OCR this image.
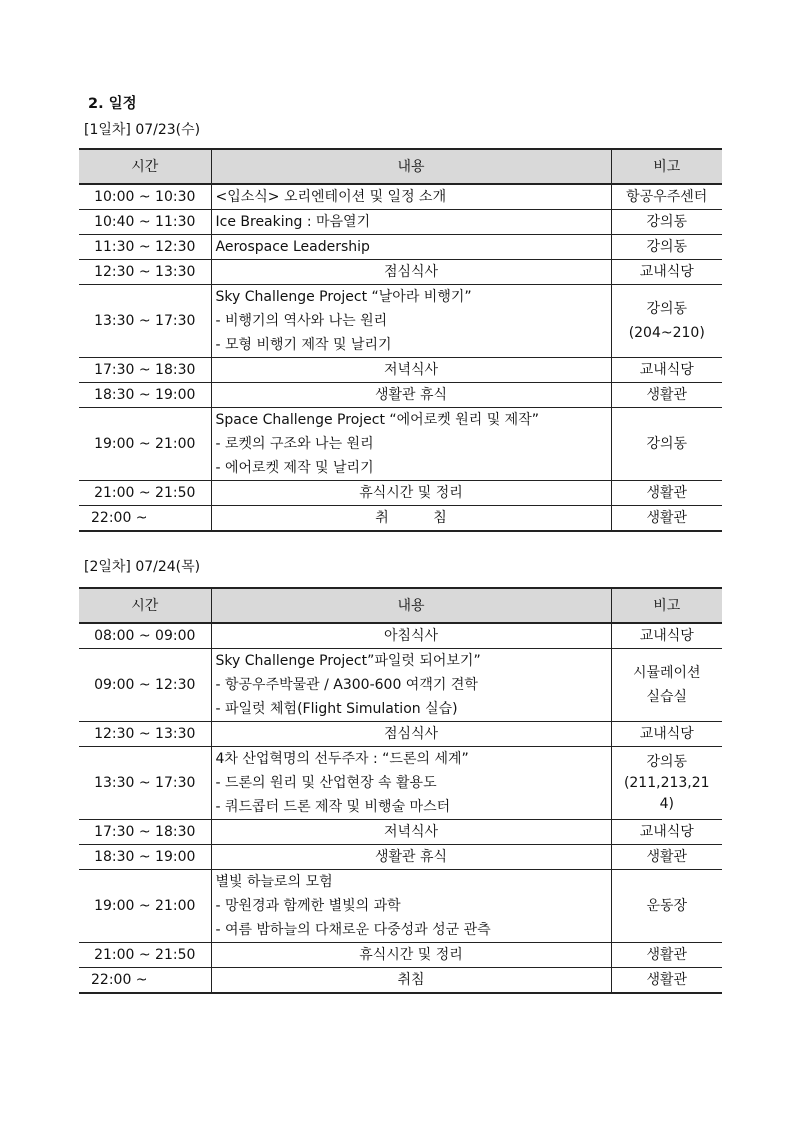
2. 일정
[1일차] 07/23(수)
시간	내용	비고
10:00 ~ 10:30	<입소식> 오리엔테이션 및 일정 소개	항공우주센터
10:40 ~ 11:30	Ice Breaking : 마음열기	강의동
11:30 ~ 12:30	Aerospace Leadership	강의동
12:30 ~ 13:30	점심식사	교내식당
13:30 ~ 17:30	Sky Challenge Project “날아라 비행기”
- 비행기의 역사와 나는 원리
- 모형 비행기 제작 및 날리기	강의동
(204~210)

17:30 ~ 18:30	저녁식사	교내식당
18:30 ~ 19:00	생활관 휴식	생활관
19:00 ~ 21:00	Space Challenge Project “에어로켓 원리 및 제작”
- 로켓의 구조와 나는 원리
- 에어로켓 제작 및 날리기	강의동
21:00 ~ 21:50	휴식시간 및 정리	생활관
22:00 ~	취          침	생활관
[2일차] 07/24(목)
시간	내용	비고
08:00 ~ 09:00	아침식사	교내식당
09:00 ~ 12:30	Sky Challenge Project”파일럿 되어보기”
- 항공우주박물관 / A300-600 여객기 견학
- 파일럿 체험(Flight Simulation 실습)	시뮬레이션
실습실

12:30 ~ 13:30	점심식사	교내식당
13:30 ~ 17:30	4차 산업혁명의 선두주자 : “드론의 세계”
- 드론의 원리 및 산업현장 속 활용도
- 쿼드콥터 드론 제작 및 비행술 마스터	강의동
(211,213,21
4)

17:30 ~ 18:30	저녁식사	교내식당
18:30 ~ 19:00	생활관 휴식	생활관
19:00 ~ 21:00	별빛 하늘로의 모험
- 망원경과 함께한 별빛의 과학
- 여름 밤하늘의 다채로운 다중성과 성군 관측	운동장
21:00 ~ 21:50	휴식시간 및 정리	생활관
22:00 ~	취침	생활관
